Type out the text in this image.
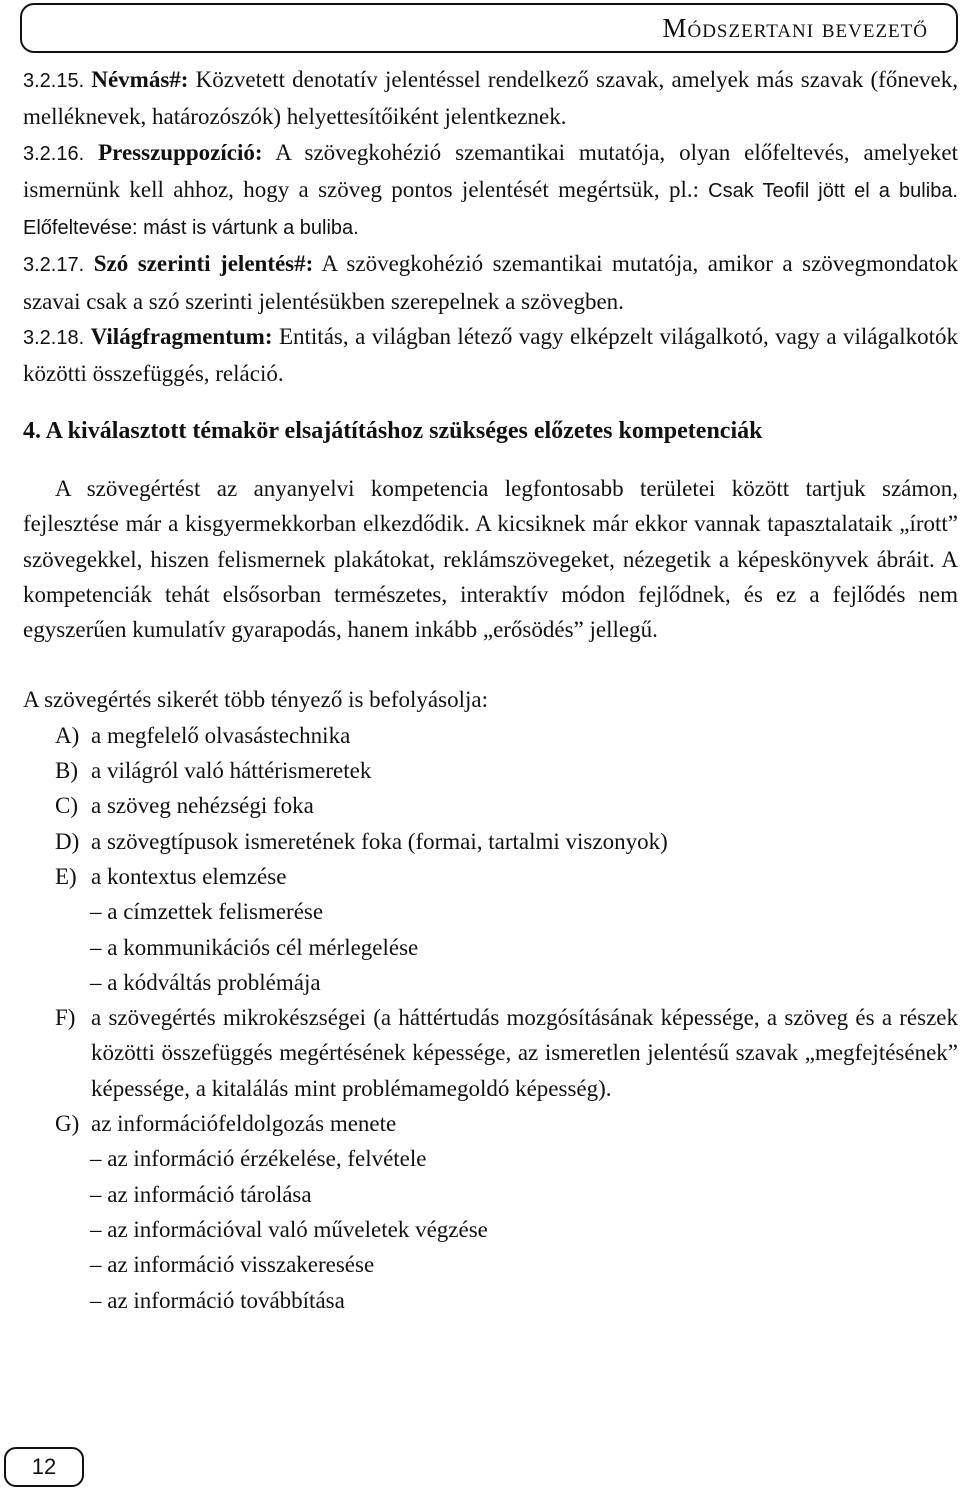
Módszertani bevezető

3.2.15. Névmás#: Közvetett denotatív jelentéssel rendelkező szavak, amelyek más szavak (főnevek, melléknevek, határozószók) helyettesítőiként jelentkeznek.

3.2.16. Presszuppozíció: A szövegkohézió szemantikai mutatója, olyan előfeltevés, amelyeket ismernünk kell ahhoz, hogy a szöveg pontos jelentését megértsük, pl.: Csak Teofil jött el a buliba. Előfeltevése: mást is vártunk a buliba.

3.2.17. Szó szerinti jelentés#: A szövegkohézió szemantikai mutatója, amikor a szövegmondatok szavai csak a szó szerinti jelentésükben szerepelnek a szövegben.

3.2.18. Világfragmentum: Entitás, a világban létező vagy elképzelt világalkotó, vagy a világalkotók közötti összefüggés, reláció.

4. A kiválasztott témakör elsajátításhoz szükséges előzetes kompetenciák

A szövegértést az anyanyelvi kompetencia legfontosabb területei között tartjuk számon, fejlesztése már a kisgyermekkorban elkezdődik. A kicsiknek már ekkor vannak tapasztalataik „írott” szövegekkel, hiszen felismernek plakátokat, reklámszövegeket, nézegetik a képeskönyvek ábráit. A kompetenciák tehát elsősorban természetes, interaktív módon fejlődnek, és ez a fejlődés nem egyszerűen kumulatív gyarapodás, hanem inkább „erősödés” jellegű.

A szövegértés sikerét több tényező is befolyásolja:

A) a megfelelő olvasástechnika

B) a világról való háttérismeretek

C) a szöveg nehézségi foka

D) a szövegtípusok ismeretének foka (formai, tartalmi viszonyok)

E) a kontextus elemzése

– a címzettek felismerése

– a kommunikációs cél mérlegelése

– a kódváltás problémája

F) a szövegértés mikrokészségei (a háttértudás mozgósításának képessége, a szöveg és a részek közötti összefüggés megértésének képessége, az ismeretlen jelentésű szavak „megfejtésének” képessége, a kitalálás mint problémamegoldó képesség).

G) az információfeldolgozás menete

– az információ érzékelése, felvétele

– az információ tárolása

– az információval való műveletek végzése

– az információ visszakeresése

– az információ továbbítása

12
